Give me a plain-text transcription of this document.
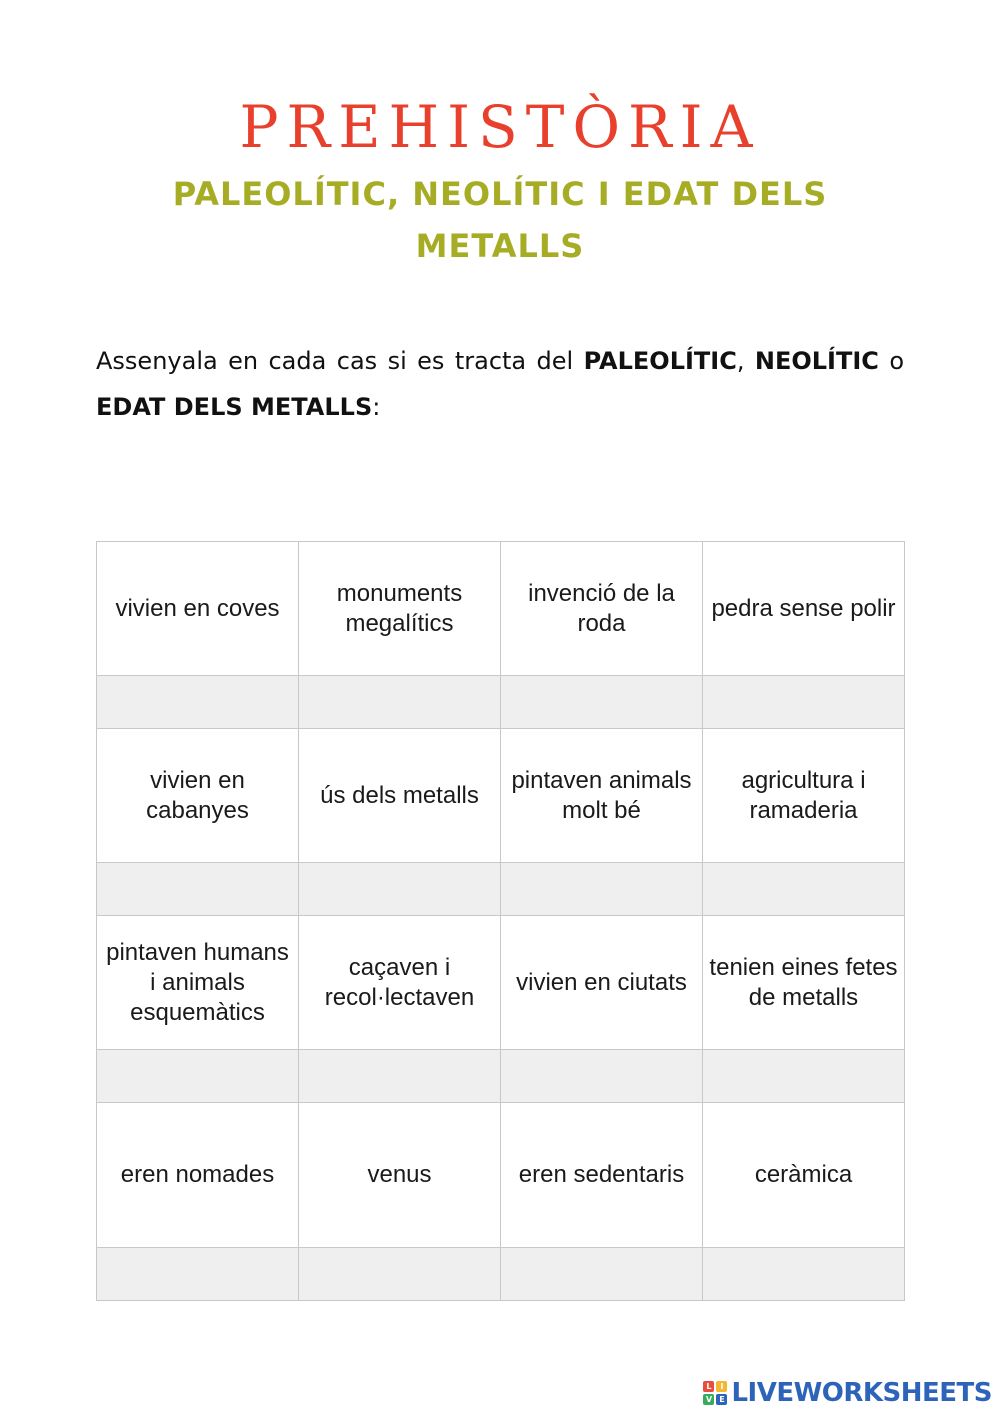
PREHISTÒRIA
PALEOLÍTIC, NEOLÍTIC I EDAT DELS METALLS
Assenyala en cada cas si es tracta del PALEOLÍTIC, NEOLÍTIC o EDAT DELS METALLS:
vivien en coves	monuments megalítics	invenció de la roda	pedra sense polir

vivien en cabanyes	ús dels metalls	pintaven animals molt bé	agricultura i ramaderia

pintaven humans i animals esquemàtics	caçaven i recol·lectaven	vivien en ciutats	tenien eines fetes de metalls

eren nomades	venus	eren sedentaris	ceràmica

L	I
V E LIVEWORKSHEETS
